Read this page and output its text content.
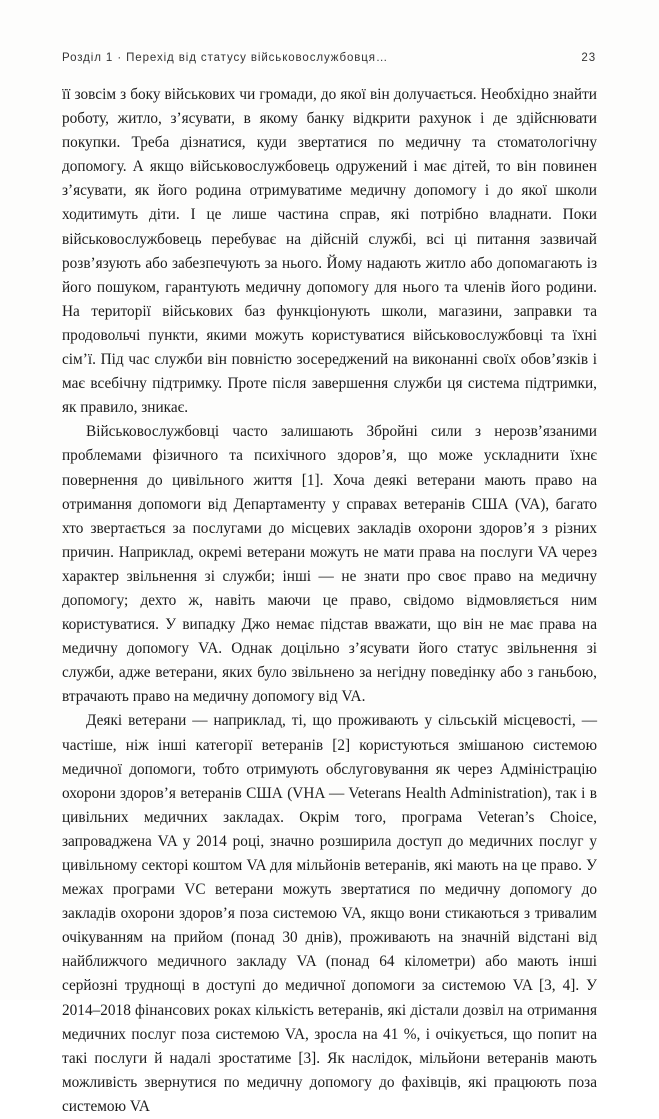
Розділ 1 · Перехід від статусу військовослужбовця…	23

її зовсім з боку військових чи громади, до якої він долучається. Необхідно знайти роботу, житло, з’ясувати, в якому банку відкрити рахунок і де здійснювати покупки. Треба дізнатися, куди звертатися по медичну та стоматологічну допомогу. А якщо військовослужбовець одружений і має дітей, то він повинен з’ясувати, як його родина отримуватиме медичну допомогу і до якої школи ходитимуть діти. І це лише частина справ, які потрібно владнати. Поки військовослужбовець перебуває на дійсній службі, всі ці питання зазвичай розв’язують або забезпечують за нього. Йому надають житло або допомагають із його пошуком, гарантують медичну допомогу для нього та членів його родини. На території військових баз функціонують школи, магазини, заправки та продовольчі пункти, якими можуть користуватися військовослужбовці та їхні сім’ї. Під час служби він повністю зосереджений на виконанні своїх обов’язків і має всебічну підтримку. Проте після завершення служби ця система підтримки, як правило, зникає.

Військовослужбовці часто залишають Збройні сили з нерозв’язаними проблемами фізичного та психічного здоров’я, що може ускладнити їхнє повернення до цивільного життя [1]. Хоча деякі ветерани мають право на отримання допомоги від Департаменту у справах ветеранів США (VA), багато хто звертається за послугами до місцевих закладів охорони здоров’я з різних причин. Наприклад, окремі ветерани можуть не мати права на послуги VA через характер звільнення зі служби; інші — не знати про своє право на медичну допомогу; дехто ж, навіть маючи це право, свідомо відмовляється ним користуватися. У випадку Джо немає підстав вважати, що він не має права на медичну допомогу VA. Однак доцільно з’ясувати його статус звільнення зі служби, адже ветерани, яких було звільнено за негідну поведінку або з ганьбою, втрачають право на медичну допомогу від VA.

Деякі ветерани — наприклад, ті, що проживають у сільській місцевості, — частіше, ніж інші категорії ветеранів [2] користуються змішаною системою медичної допомоги, тобто отримують обслуговування як через Адміністрацію охорони здоров’я ветеранів США (VHA — Veterans Health Administration), так і в цивільних медичних закладах. Окрім того, програма Veteran’s Choice, запроваджена VA у 2014 році, значно розширила доступ до медичних послуг у цивільному секторі коштом VA для мільйонів ветеранів, які мають на це право. У межах програми VC ветерани можуть звертатися по медичну допомогу до закладів охорони здоров’я поза системою VA, якщо вони стикаються з тривалим очікуванням на прийом (понад 30 днів), проживають на значній відстані від найближчого медичного закладу VA (понад 64 кілометри) або мають інші серйозні труднощі в доступі до медичної допомоги за системою VA [3, 4]. У 2014–2018 фінансових роках кількість ветеранів, які дістали дозвіл на отримання медичних послуг поза системою VA, зросла на 41 %, і очікується, що попит на такі послуги й надалі зростатиме [3]. Як наслідок, мільйони ветеранів мають можливість звернутися по медичну допомогу до фахівців, які працюють поза системою VA
